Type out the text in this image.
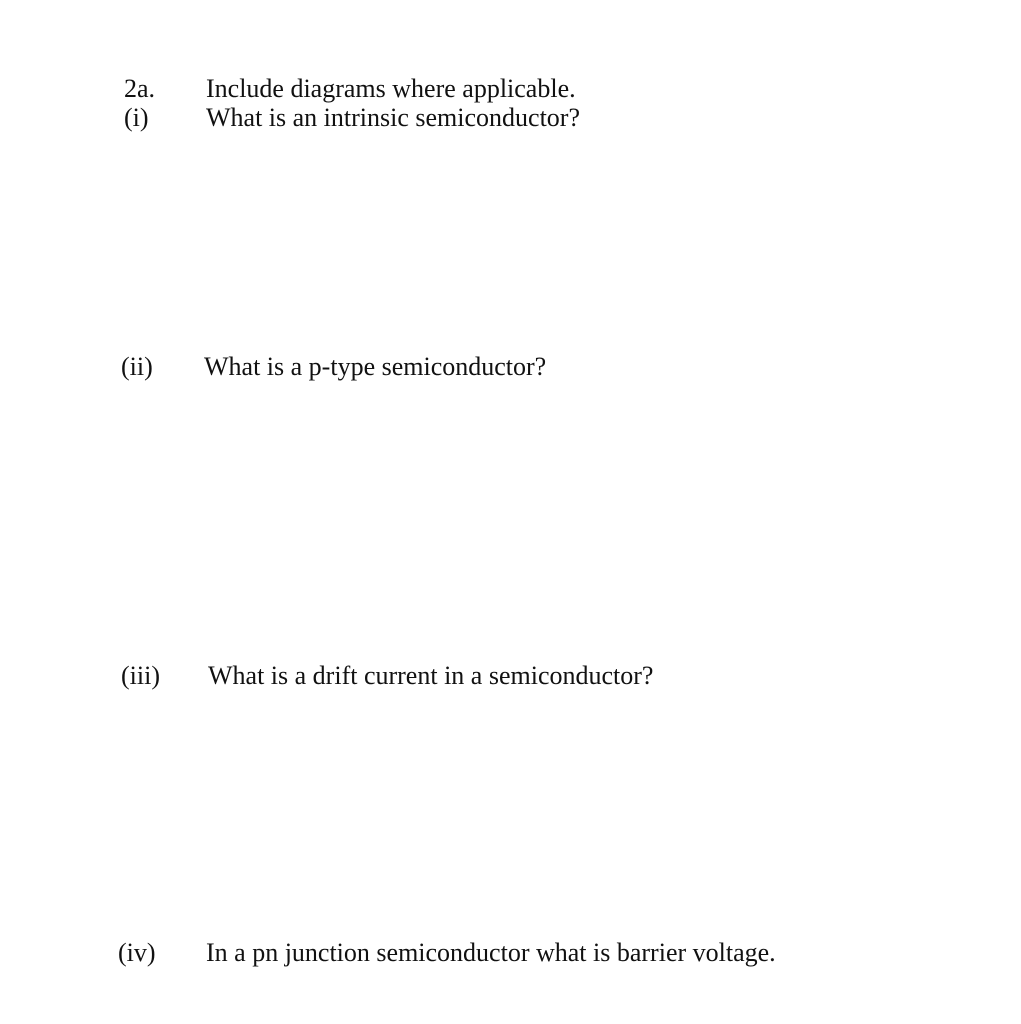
2a. Include diagrams where applicable.
(i) What is an intrinsic semiconductor?
(ii) What is a p-type semiconductor?
(iii) What is a drift current in a semiconductor?
(iv) In a pn junction semiconductor what is barrier voltage.
